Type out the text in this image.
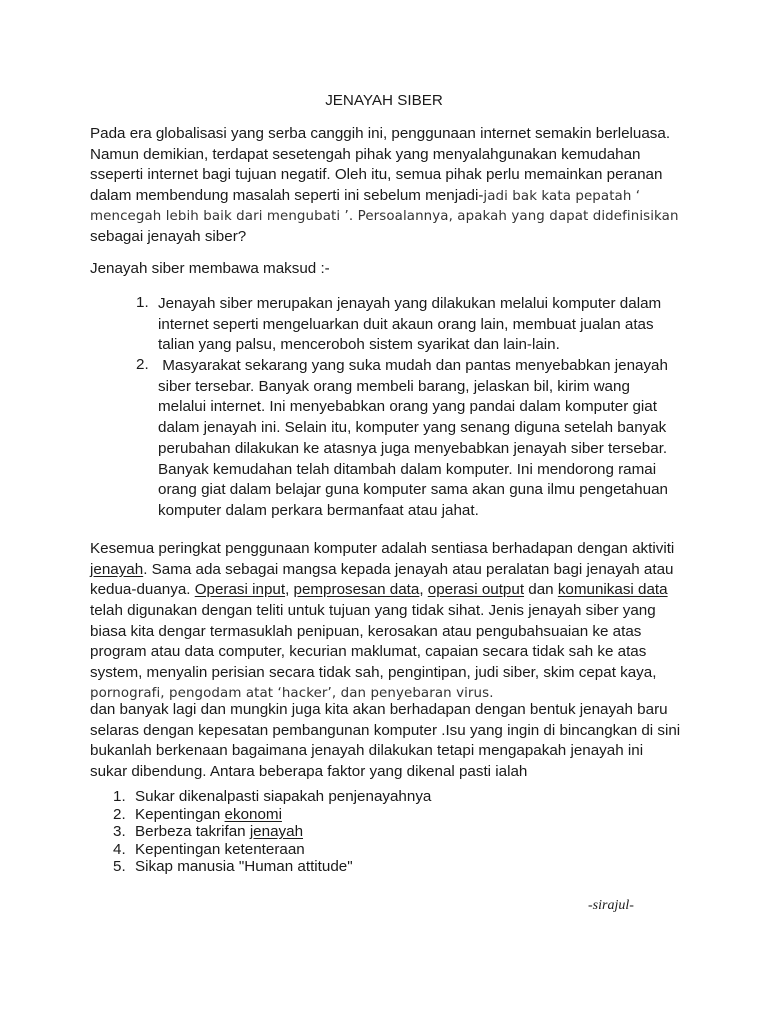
JENAYAH SIBER
Pada era globalisasi yang serba canggih ini, penggunaan internet semakin berleluasa.
Namun demikian, terdapat sesetengah pihak yang menyalahgunakan kemudahan
sseperti internet bagi tujuan negatif. Oleh itu, semua pihak perlu memainkan peranan
dalam membendung masalah seperti ini sebelum menjadi-jadi bak kata pepatah ‘
mencegah lebih baik dari mengubati ’. Persoalannya, apakah yang dapat didefinisikan
sebagai jenayah siber?
Jenayah siber membawa maksud :-
1. Jenayah siber merupakan jenayah yang dilakukan melalui komputer dalam
internet seperti mengeluarkan duit akaun orang lain, membuat jualan atas
talian yang palsu, menceroboh sistem syarikat dan lain-lain.
2. Masyarakat sekarang yang suka mudah dan pantas menyebabkan jenayah
siber tersebar. Banyak orang membeli barang, jelaskan bil, kirim wang
melalui internet. Ini menyebabkan orang yang pandai dalam komputer giat
dalam jenayah ini. Selain itu, komputer yang senang diguna setelah banyak
perubahan dilakukan ke atasnya juga menyebabkan jenayah siber tersebar.
Banyak kemudahan telah ditambah dalam komputer. Ini mendorong ramai
orang giat dalam belajar guna komputer sama akan guna ilmu pengetahuan
komputer dalam perkara bermanfaat atau jahat.
Kesemua peringkat penggunaan komputer adalah sentiasa berhadapan dengan aktiviti
jenayah. Sama ada sebagai mangsa kepada jenayah atau peralatan bagi jenayah atau
kedua-duanya. Operasi input, pemprosesan data, operasi output dan komunikasi data
telah digunakan dengan teliti untuk tujuan yang tidak sihat. Jenis jenayah siber yang
biasa kita dengar termasuklah penipuan, kerosakan atau pengubahsuaian ke atas
program atau data computer, kecurian maklumat, capaian secara tidak sah ke atas
system, menyalin perisian secara tidak sah, pengintipan, judi siber, skim cepat kaya,
pornografi, pengodam atat ‘hacker’, dan penyebaran virus.
dan banyak lagi dan mungkin juga kita akan berhadapan dengan bentuk jenayah baru
selaras dengan kepesatan pembangunan komputer .Isu yang ingin di bincangkan di sini
bukanlah berkenaan bagaimana jenayah dilakukan tetapi mengapakah jenayah ini
sukar dibendung. Antara beberapa faktor yang dikenal pasti ialah
1. Sukar dikenalpasti siapakah penjenayahnya
2. Kepentingan ekonomi
3. Berbeza takrifan jenayah
4. Kepentingan ketenteraan
5. Sikap manusia "Human attitude"
-sirajul-
